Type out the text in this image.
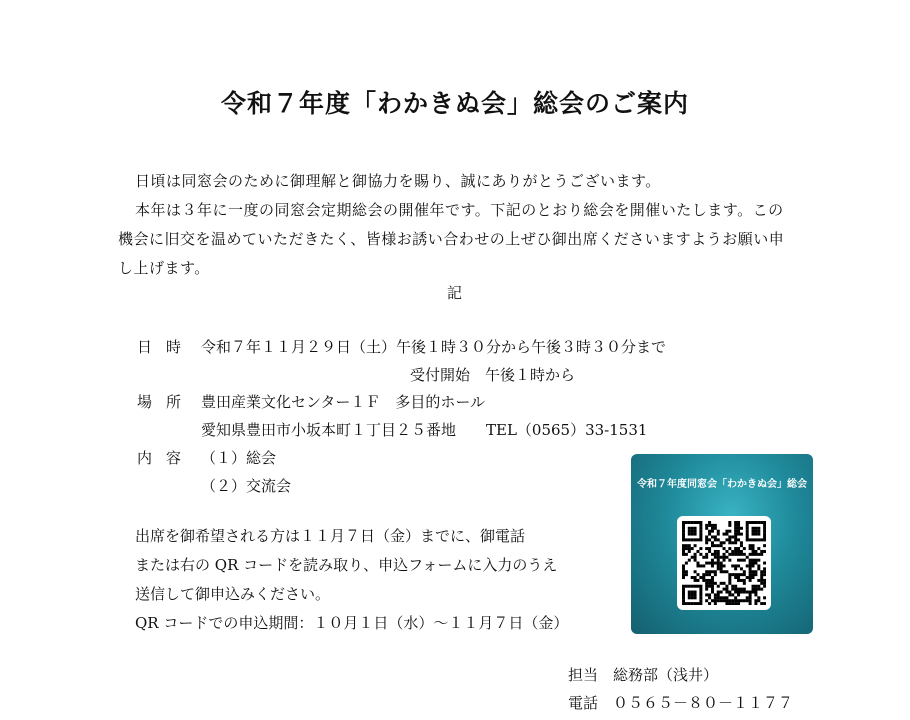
令和７年度「わかきぬ会」総会のご案内

日頃は同窓会のために御理解と御協力を賜り、誠にありがとうございます。

本年は３年に一度の同窓会定期総会の開催年です。下記のとおり総会を開催いたします。この

機会に旧交を温めていただきたく、皆様お誘い合わせの上ぜひ御出席くださいますようお願い申

し上げます。

記
日時 令和７年１１月２９日（土）午後１時３０分から午後３時３０分まで
受付開始　午後１時から
場所 豊田産業文化センター１Ｆ　多目的ホール
愛知県豊田市小坂本町１丁目２５番地　　TEL（0565）33-1531
内容 （１）総会
（２）交流会

出席を御希望される方は１１月７日（金）までに、御電話

または右の QR コードを読み取り、申込フォームに入力のうえ

送信して御申込みください。

QR コードでの申込期間：１０月１日（水）～１１月７日（金）

令和７年度同窓会「わかきぬ会」総会
担当　総務部（浅井）
電話　０５６５－８０－１１７７
